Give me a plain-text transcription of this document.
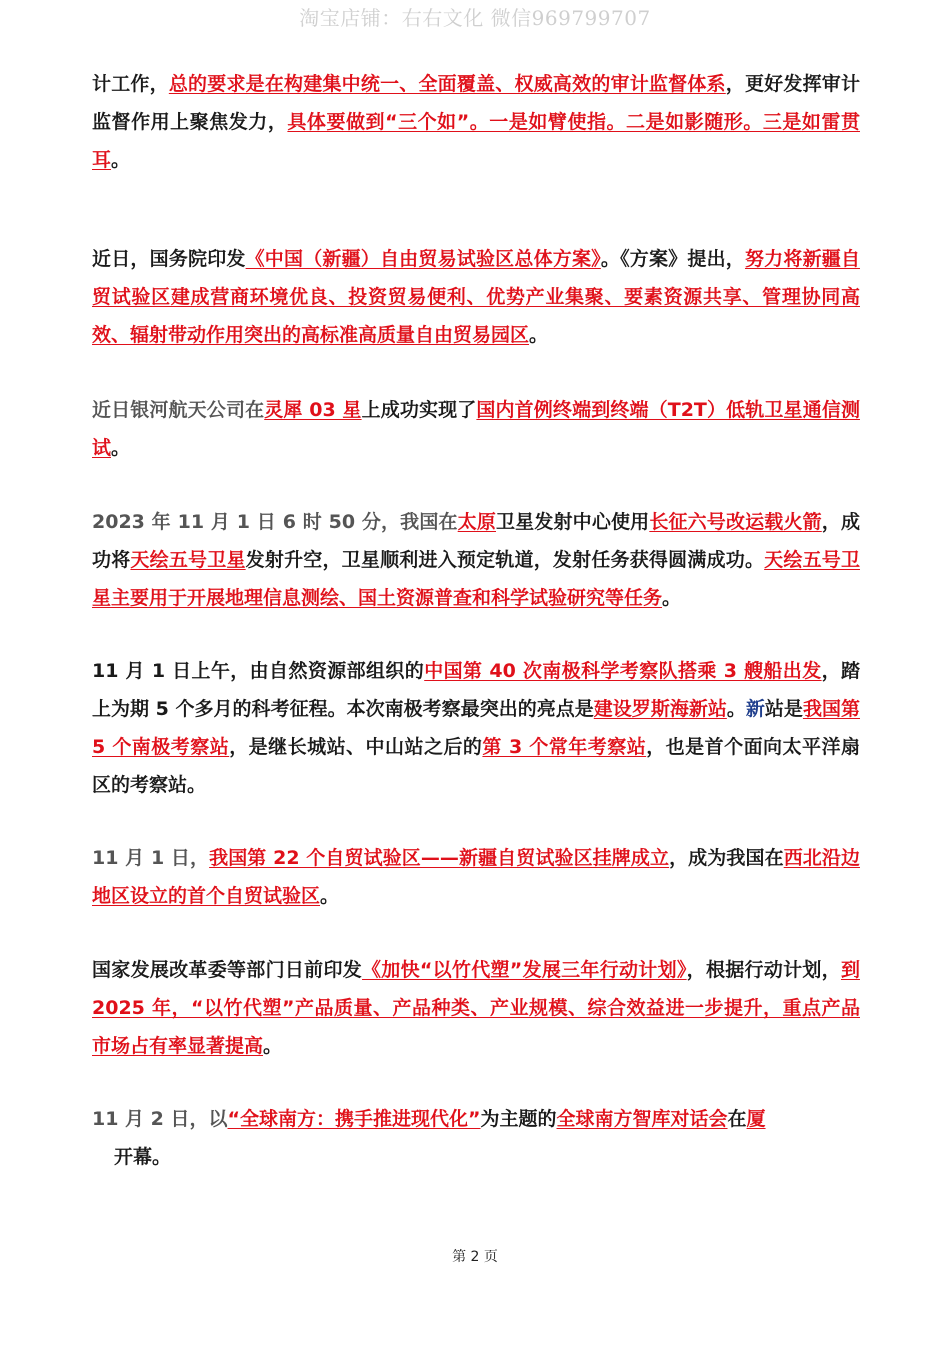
淘宝店铺：右右文化 微信969799707

计工作，总的要求是在构建集中统一、全面覆盖、权威高效的审计监督体系，更好发挥审计监督作用上聚焦发力，具体要做到“三个如”。一是如臂使指。二是如影随形。三是如雷贯耳。

近日，国务院印发《中国（新疆）自由贸易试验区总体方案》。《方案》提出，努力将新疆自贸试验区建成营商环境优良、投资贸易便利、优势产业集聚、要素资源共享、管理协同高效、辐射带动作用突出的高标准高质量自由贸易园区。

近日银河航天公司在灵犀 03 星上成功实现了国内首例终端到终端（T2T）低轨卫星通信测试。

2023 年 11 月 1 日 6 时 50 分，我国在太原卫星发射中心使用长征六号改运载火箭，成功将天绘五号卫星发射升空，卫星顺利进入预定轨道，发射任务获得圆满成功。天绘五号卫星主要用于开展地理信息测绘、国土资源普查和科学试验研究等任务。

11 月 1 日上午，由自然资源部组织的中国第 40 次南极科学考察队搭乘 3 艘船出发，踏上为期 5 个多月的科考征程。本次南极考察最突出的亮点是建设罗斯海新站。新站是我国第 5 个南极考察站，是继长城站、中山站之后的第 3 个常年考察站，也是首个面向太平洋扇区的考察站。

11 月 1 日，我国第 22 个自贸试验区——新疆自贸试验区挂牌成立，成为我国在西北沿边地区设立的首个自贸试验区。

国家发展改革委等部门日前印发《加快“以竹代塑”发展三年行动计划》，根据行动计划，到 2025 年，“以竹代塑”产品质量、产品种类、产业规模、综合效益进一步提升，重点产品市场占有率显著提高。

11 月 2 日，以“全球南方：携手推进现代化”为主题的全球南方智库对话会在厦
开幕。

第 2 页
